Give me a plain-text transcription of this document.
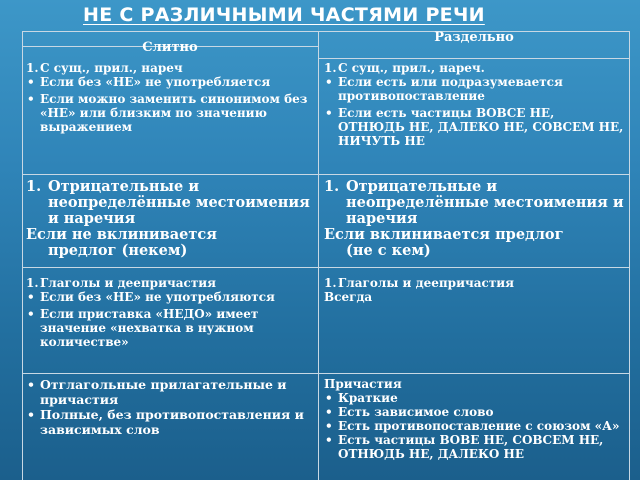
НЕ С РАЗЛИЧНЫМИ ЧАСТЯМИ РЕЧИ
Слитно
Раздельно
1. С сущ., прил., нареч
• Если без «НЕ» не употребляется
• Если можно заменить синонимом без «НЕ» или близким по значению выражением
1. С сущ., прил., нареч.
• Если есть или подразумевается противопоставление
• Если есть частицы ВОВСЕ НЕ, ОТНЮДЬ НЕ, ДАЛЕКО НЕ, СОВСЕМ НЕ, НИЧУТЬ НЕ
1. Отрицательные и неопределённые местоимения и наречия
Если не вклинивается
предлог (некем)
1. Отрицательные и неопределённые местоимения и наречия
Если вклинивается предлог
(не с кем)
1. Глаголы и деепричастия
• Если без «НЕ» не употребляются
• Если приставка «НЕДО» имеет значение «нехватка в нужном количестве»
1. Глаголы и деепричастия
Всегда
• Отглагольные прилагательные и причастия
• Полные, без противопоставления и зависимых слов
Причастия
• Краткие
• Есть зависимое слово
• Есть противопоставление с союзом «А»
• Есть частицы ВОВЕ НЕ, СОВСЕМ НЕ, ОТНЮДЬ НЕ, ДАЛЕКО НЕ
